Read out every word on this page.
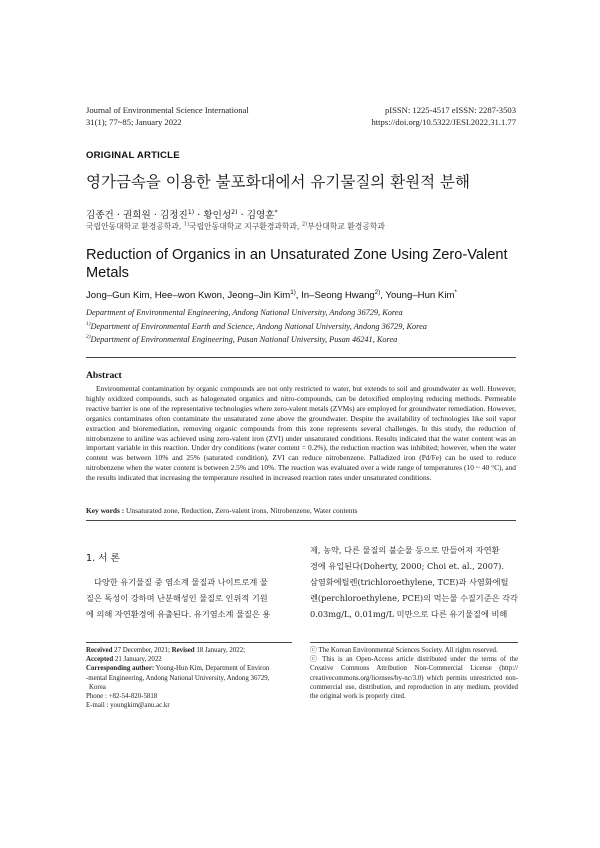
Journal of Environmental Science International
31(1); 77~85; January 2022
pISSN: 1225-4517 eISSN: 2287-3503
https://doi.org/10.5322/JESI.2022.31.1.77
ORIGINAL ARTICLE
영가금속을 이용한 불포화대에서 유기물질의 환원적 분해
김종건 · 권희원 · 김정진$^{1)}$ · 황인성$^{2)}$ · 김영훈*
국립안동대학교 환경공학과, $^{1)}$국립안동대학교 지구환경과학과, $^{2)}$부산대학교 환경공학과
Reduction of Organics in an Unsaturated Zone Using Zero-Valent Metals
Jong–Gun Kim, Hee–won Kwon, Jeong–Jin Kim$^{1)}$, In–Seong Hwang$^{2)}$, Young–Hun Kim*
Department of Environmental Engineering, Andong National University, Andong 36729, Korea
$^{1)}$Department of Environmental Earth and Science, Andong National University, Andong 36729, Korea
$^{2)}$Department of Environmental Engineering, Pusan National University, Pusan 46241, Korea
Abstract
Environmental contamination by organic compounds are not only restricted to water, but extends to soil and groundwater as well. However, highly oxidized compounds, such as halogenated organics and nitro-compounds, can be detoxified employing reducing methods. Permeable reactive barrier is one of the representative technologies where zero-valent metals (ZVMs) are employed for groundwater remediation. However, organics contaminates often contaminate the unsaturated zone above the groundwater. Despite the availability of technologies like soil vapor extraction and bioremediation, removing organic compounds from this zone represents several challenges. In this study, the reduction of nitrobenzene to aniline was achieved using zero-valent iron (ZVI) under unsaturated conditions. Results indicated that the water content was an important variable in this reaction. Under dry conditions (water content = 0.2%), the reduction reaction was inhibited; however, when the water content was between 10% and 25% (saturated condition), ZVI can reduce nitrobenzene. Palladized iron (Pd/Fe) can be used to reduce nitrobenzene when the water content is between 2.5% and 10%. The reaction was evaluated over a wide range of temperatures (10 ~ 40 °C), and the results indicated that increasing the temperature resulted in increased reaction rates under unsaturated conditions.
Key words : Unsaturated zone, Reduction, Zero-valent irons, Nitrobenzene, Water contents
1. 서 론
다양한 유기물질 중 염소계 물질과 나이트로계 물
질은 독성이 강하며 난분해성인 물질로 인위적 기원
에 의해 자연환경에 유출된다. 유기염소계 물질은 용
제, 농약, 다른 물질의 불순물 등으로 만들어져 자연환
경에 유입된다(Doherty, 2000; Choi et. al., 2007).
삼염화에틸렌(trichloroethylene, TCE)과 사염화에틸
렌(perchloroethylene, PCE)의 먹는물 수질기준은 각각
0.03mg/L, 0.01mg/L 미만으로 다른 유기물질에 비해
Received 27 December, 2021; Revised 18 January, 2022;
Accepted 21 January, 2022
Corresponding author: Young-Hun Kim, Department of Environ
-mental Engineering, Andong National University, Andong 36729,
Korea
Phone : +82-54-820-5818
E-mail : youngkim@anu.ac.kr
ⓒ The Korean Environmental Sciences Society. All rights reserved.
ⓒ This is an Open-Access article distributed under the terms of the Creative Commons Attribution Non-Commercial License (http:// creativecommons.org/licenses/by-nc/3.0) which permits unrestricted non-commercial use, distribution, and reproduction in any medium, provided the original work is properly cited.
